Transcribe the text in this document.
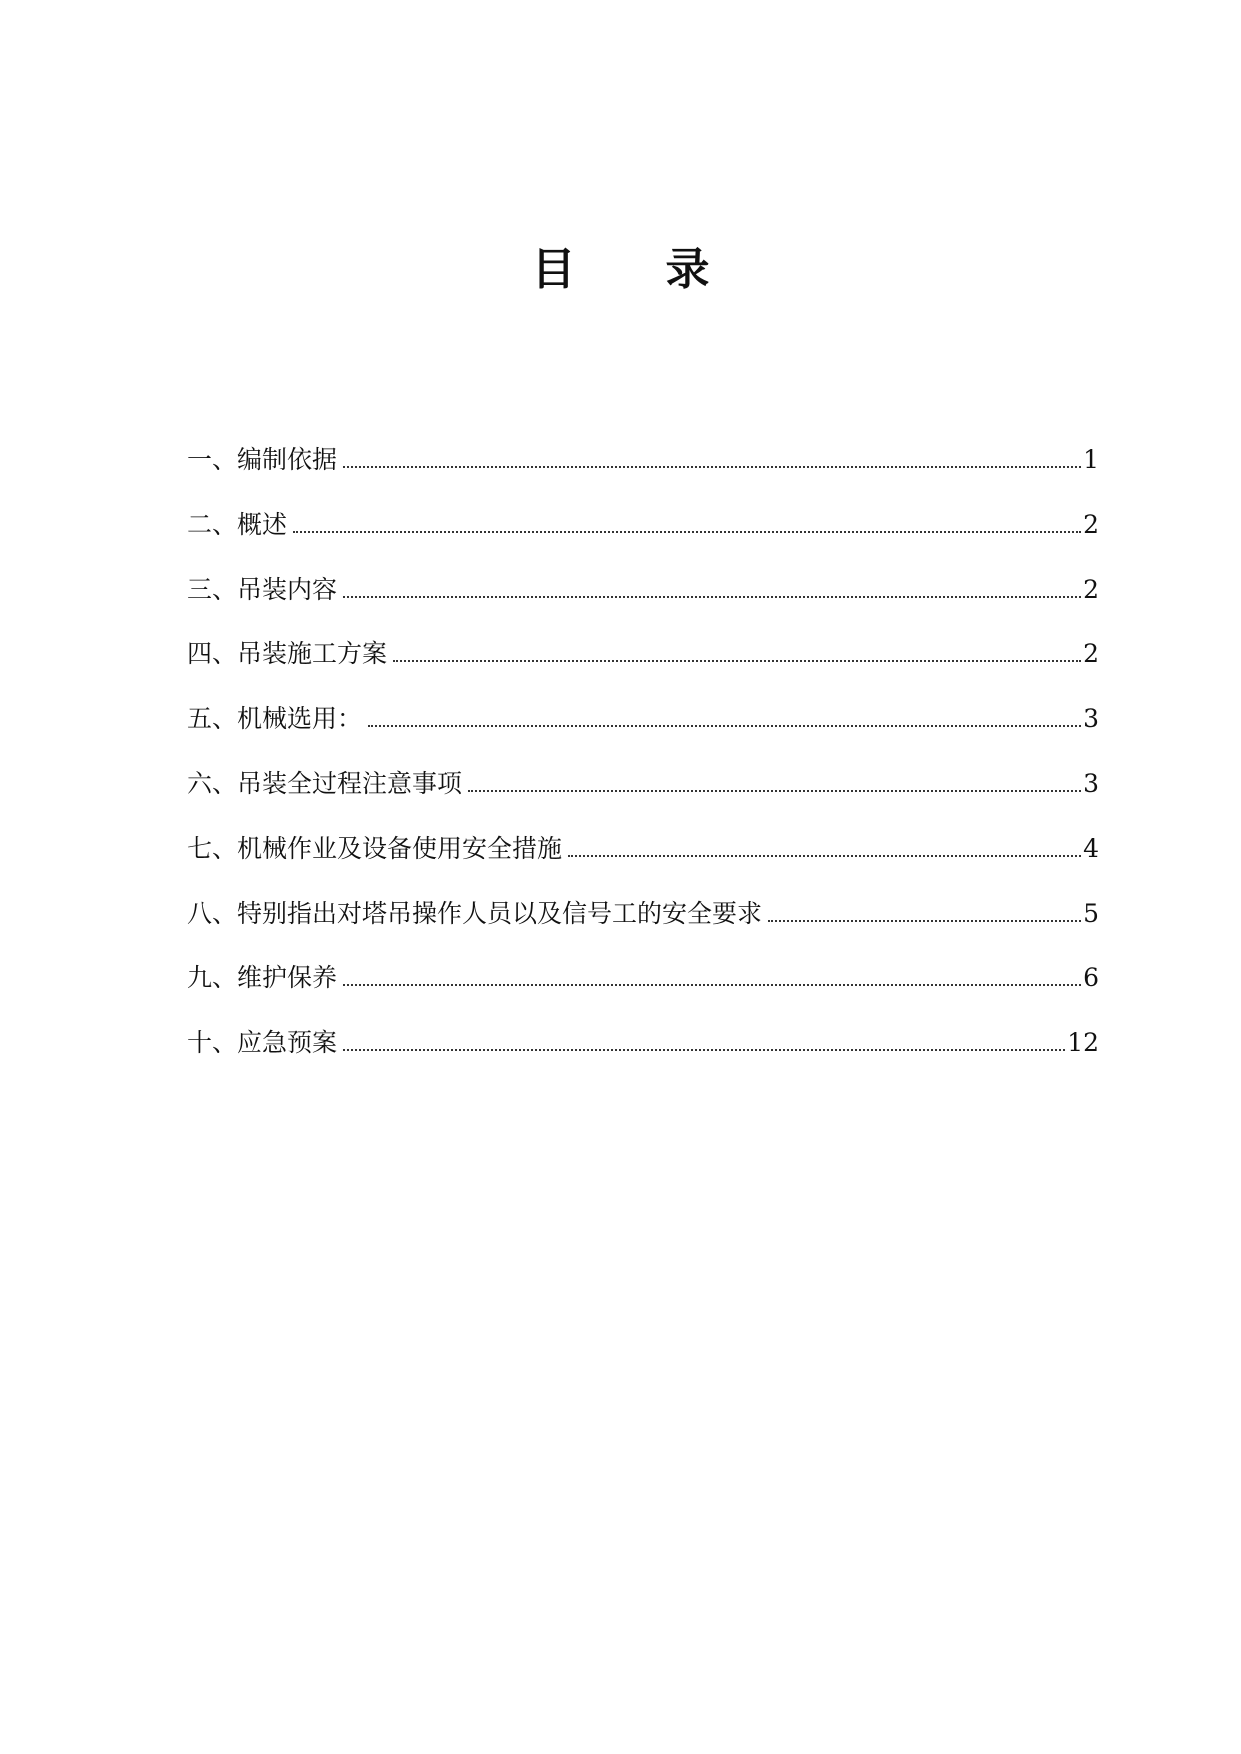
目 录
一、编制依据	1
二、概述	2
三、吊装内容	2
四、吊装施工方案	2
五、机械选用：	3
六、吊装全过程注意事项	3
七、机械作业及设备使用安全措施	4
八、特别指出对塔吊操作人员以及信号工的安全要求	5
九、维护保养	6
十、应急预案	12
